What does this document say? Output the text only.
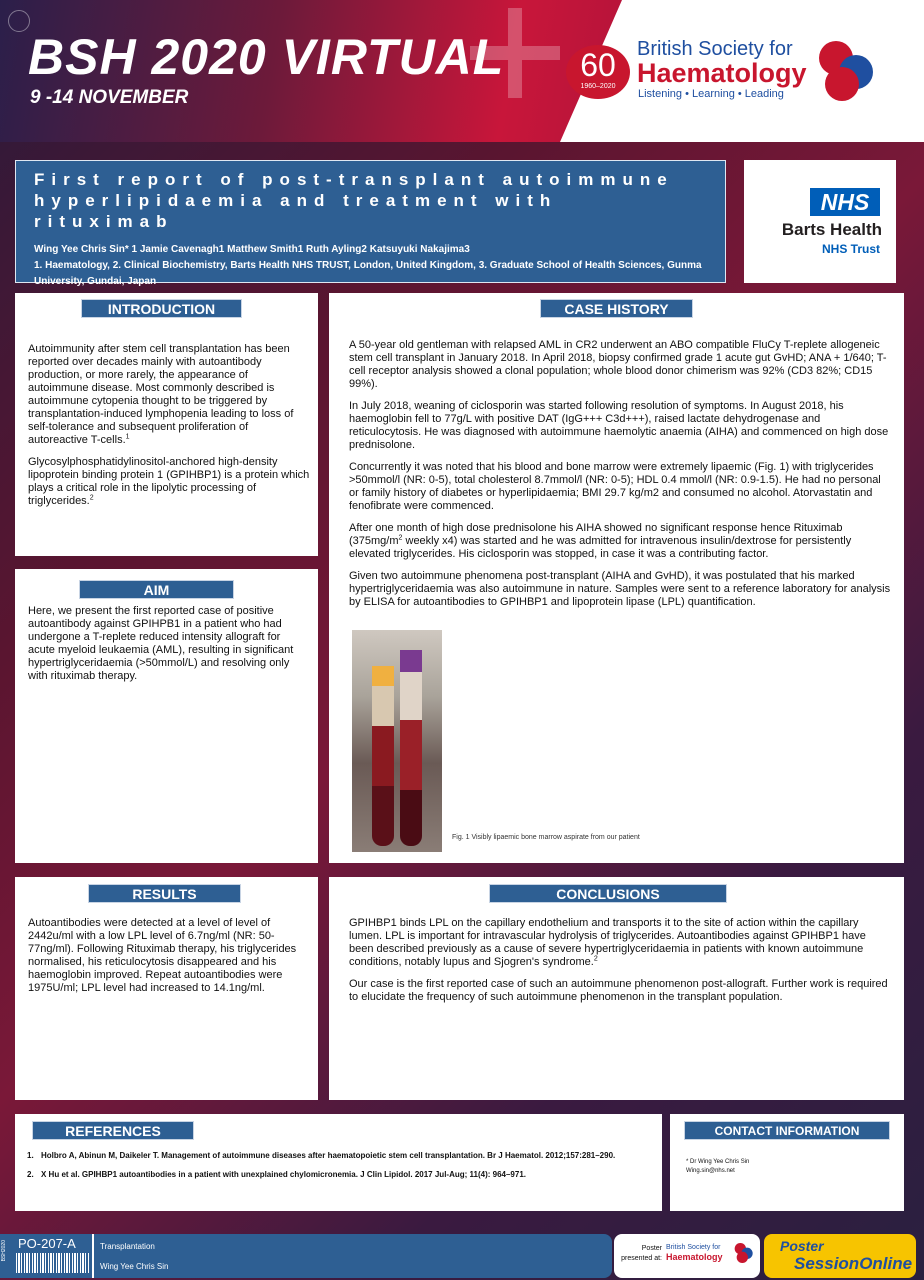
BSH 2020 VIRTUAL
9 -14 NOVEMBER
60
1960–2020
British Society for
Haematology
Listening • Learning • Leading
First report of post-transplant autoimmune hyperlipidaemia and treatment with rituximab
Wing Yee Chris Sin* 1 Jamie Cavenagh1 Matthew Smith1 Ruth Ayling2 Katsuyuki Nakajima3
1. Haematology, 2. Clinical Biochemistry, Barts Health NHS TRUST, London, United Kingdom, 3. Graduate School of Health Sciences, Gunma University, Gundai, Japan
NHS
Barts Health
NHS Trust
INTRODUCTION

Autoimmunity after stem cell transplantation has been reported over decades mainly with autoantibody production, or more rarely, the appearance of autoimmune disease. Most commonly described is autoimmune cytopenia thought to be triggered by transplantation-induced lymphopenia leading to loss of self-tolerance and subsequent proliferation of autoreactive T-cells.$^1$

Glycosylphosphatidylinositol-anchored high-density lipoprotein binding protein 1 (GPIHBP1) is a protein which plays a critical role in the lipolytic processing of triglycerides.$^2$

AIM

Here, we present the first reported case of positive autoantibody against GPIHPB1 in a patient who had undergone a T-replete reduced intensity allograft for acute myeloid leukaemia (AML), resulting in significant hypertriglyceridaemia (>50mmol/L) and resolving only with rituximab therapy.

CASE HISTORY

A 50-year old gentleman with relapsed AML in CR2 underwent an ABO compatible FluCy T-replete allogeneic stem cell transplant in January 2018. In April 2018, biopsy confirmed grade 1 acute gut GvHD; ANA + 1/640; T-cell receptor analysis showed a clonal population; whole blood donor chimerism was 92% (CD3 82%; CD15 99%).

In July 2018, weaning of ciclosporin was started following resolution of symptoms. In August 2018, his haemoglobin fell to 77g/L with positive DAT (IgG+++ C3d+++), raised lactate dehydrogenase and reticulocytosis. He was diagnosed with autoimmune haemolytic anaemia (AIHA) and commenced on high dose prednisolone.

Concurrently it was noted that his blood and bone marrow were extremely lipaemic (Fig. 1) with triglycerides >50mmol/l (NR: 0-5), total cholesterol 8.7mmol/l (NR: 0-5); HDL 0.4 mmol/l (NR: 0.9-1.5). He had no personal or family history of diabetes or hyperlipidaemia; BMI 29.7 kg/m2 and consumed no alcohol. Atorvastatin and fenofibrate were commenced.

After one month of high dose prednisolone his AIHA showed no significant response hence Rituximab ($375mg/m^2$ weekly x4) was started and he was admitted for intravenous insulin/dextrose for persistently elevated triglycerides. His ciclosporin was stopped, in case it was a contributing factor.

Given two autoimmune phenomena post-transplant (AIHA and GvHD), it was postulated that his marked hypertriglyceridaemia was also autoimmune in nature. Samples were sent to a reference laboratory for analysis by ELISA for autoantibodies to GPIHBP1 and lipoprotein lipase (LPL) quantification.

Fig. 1 Visibly lipaemic bone marrow aspirate from our patient
RESULTS

Autoantibodies were detected at a level of level of 2442u/ml with a low LPL level of 6.7ng/ml (NR: 50-77ng/ml). Following Rituximab therapy, his triglycerides normalised, his reticulocytosis disappeared and his haemoglobin improved. Repeat autoantibodies were 1975U/ml; LPL level had increased to 14.1ng/ml.

CONCLUSIONS

GPIHBP1 binds LPL on the capillary endothelium and transports it to the site of action within the capillary lumen. LPL is important for intravascular hydrolysis of triglycerides. Autoantibodies against GPIHBP1 have been described previously as a cause of severe hypertriglyceridaemia in patients with known autoimmune conditions, notably lupus and Sjogren's syndrome.$^2$

Our case is the first reported case of such an autoimmune phenomenon post-allograft. Further work is required to elucidate the frequency of such autoimmune phenomenon in the transplant population.

REFERENCES
1. Holbro A, Abinun M, Daikeler T. Management of autoimmune diseases after haematopoietic stem cell transplantation. Br J Haematol. 2012;157:281–290.
2. X Hu et al. GPIHBP1 autoantibodies in a patient with unexplained chylomicronemia. J Clin Lipidol. 2017 Jul-Aug; 11(4): 964–971.
CONTACT INFORMATION
* Dr Wing Yee Chris Sin
Wing.sin@nhs.net
BSH2020 PO-207-A	Transplantation
Wing Yee Chris Sin
Poster presented at:
British Society for
Haematology
Poster
SessionOnline
